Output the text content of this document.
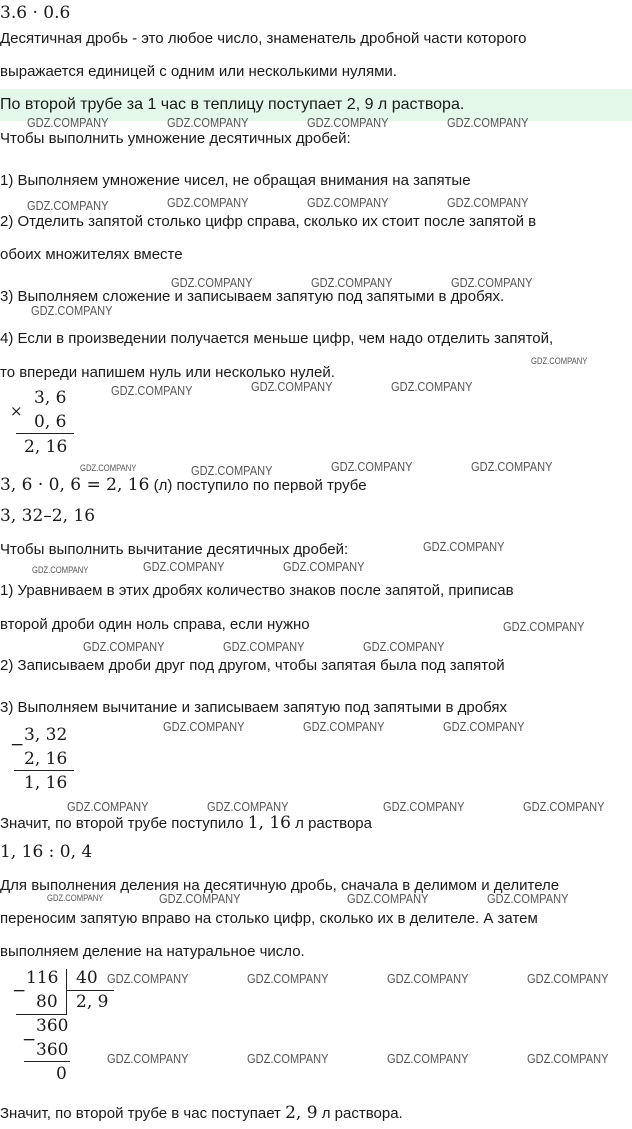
3.6 · 0.6
Десятичная дробь - это любое число, знаменатель дробной части которого
выражается единицей с одним или несколькими нулями.
По второй трубе за 1 час в теплицу поступает 2, 9 л раствора.
Чтобы выполнить умножение десятичных дробей:
1) Выполняем умножение чисел, не обращая внимания на запятые
2) Отделить запятой столько цифр справа, сколько их стоит после запятой в
обоих множителях вместе
3) Выполняем сложение и записываем запятую под запятыми в дробях.
4) Если в произведении получается меньше цифр, чем надо отделить запятой,
то впереди напишем нуль или несколько нулей.
×
3, 6
0, 6
2, 16
3, 6 · 0, 6 = 2, 16 (л) поступило по первой трубе
3, 32–2, 16
Чтобы выполнить вычитание десятичных дробей:
1) Уравниваем в этих дробях количество знаков после запятой, приписав
второй дроби один ноль справа, если нужно
2) Записываем дроби друг под другом, чтобы запятая была под запятой
3) Выполняем вычитание и записываем запятую под запятыми в дробях
− 3, 32
2, 16
1, 16
Значит, по второй трубе поступило 1, 16 л раствора
1, 16 : 0, 4
Для выполнения деления на десятичную дробь, сначала в делимом и делителе
переносим запятую вправо на столько цифр, сколько их в делителе. А затем
выполняем деление на натуральное число.
−
116 40
80 2, 9
360
− 360
0
Значит, по второй трубе в час поступает 2, 9 л раствора.
GDZ.COMPANY	GDZ.COMPANY	GDZ.COMPANY	GDZ.COMPANY
GDZ.COMPANY	GDZ.COMPANY	GDZ.COMPANY	GDZ.COMPANY
GDZ.COMPANY	GDZ.COMPANY	GDZ.COMPANY
GDZ.COMPANY
GDZ.COMPANY
GDZ.COMPANY	GDZ.COMPANY	GDZ.COMPANY
GDZ.COMPANY	GDZ.COMPANY	GDZ.COMPANY	GDZ.COMPANY
GDZ.COMPANY
GDZ.COMPANY	GDZ.COMPANY	GDZ.COMPANY
GDZ.COMPANY
GDZ.COMPANY	GDZ.COMPANY	GDZ.COMPANY
GDZ.COMPANY	GDZ.COMPANY	GDZ.COMPANY
GDZ.COMPANY	GDZ.COMPANY	GDZ.COMPANY	GDZ.COMPANY
GDZ.COMPANY	GDZ.COMPANY	GDZ.COMPANY	GDZ.COMPANY
GDZ.COMPANY	GDZ.COMPANY	GDZ.COMPANY	GDZ.COMPANY
GDZ.COMPANY	GDZ.COMPANY	GDZ.COMPANY	GDZ.COMPANY
